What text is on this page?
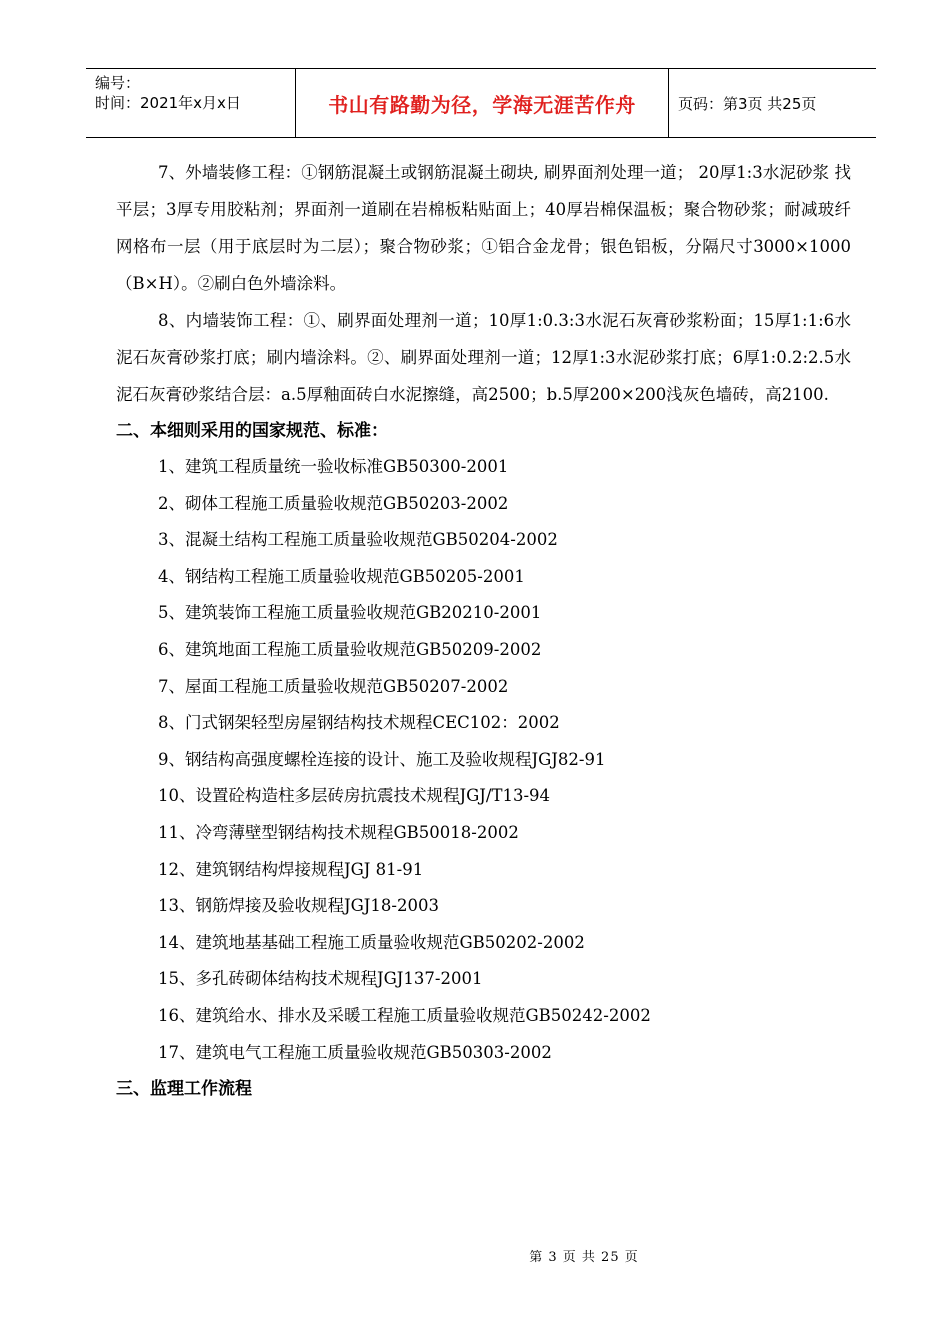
编号：
时间：2021年x月x日	书山有路勤为径，学海无涯苦作舟	页码：第3页 共25页

7、外墙装修工程：①钢筋混凝土或钢筋混凝土砌块, 刷界面剂处理一道； 20厚1:3水泥砂浆 找平层；3厚专用胶粘剂；界面剂一道刷在岩棉板粘贴面上；40厚岩棉保温板；聚合物砂浆；耐减玻纤网格布一层（用于底层时为二层）；聚合物砂浆；①铝合金龙骨；银色铝板，分隔尺寸3000×1000（B×H）。②刷白色外墙涂料。

8、内墙装饰工程：①、刷界面处理剂一道；10厚1:0.3:3水泥石灰膏砂浆粉面；15厚1:1:6水泥石灰膏砂浆打底；刷内墙涂料。②、刷界面处理剂一道；12厚1:3水泥砂浆打底；6厚1:0.2:2.5水泥石灰膏砂浆结合层：a.5厚釉面砖白水泥擦缝，高2500；b.5厚200×200浅灰色墙砖，高2100.

二、本细则采用的国家规范、标准：

1、建筑工程质量统一验收标准GB50300-2001

2、砌体工程施工质量验收规范GB50203-2002

3、混凝土结构工程施工质量验收规范GB50204-2002

4、钢结构工程施工质量验收规范GB50205-2001

5、建筑装饰工程施工质量验收规范GB20210-2001

6、建筑地面工程施工质量验收规范GB50209-2002

7、屋面工程施工质量验收规范GB50207-2002

8、门式钢架轻型房屋钢结构技术规程CEC102：2002

9、钢结构高强度螺栓连接的设计、施工及验收规程JGJ82-91

10、设置砼构造柱多层砖房抗震技术规程JGJ/T13-94

11、冷弯薄壁型钢结构技术规程GB50018-2002

12、建筑钢结构焊接规程JGJ 81-91

13、钢筋焊接及验收规程JGJ18-2003

14、建筑地基基础工程施工质量验收规范GB50202-2002

15、多孔砖砌体结构技术规程JGJ137-2001

16、建筑给水、排水及采暖工程施工质量验收规范GB50242-2002

17、建筑电气工程施工质量验收规范GB50303-2002

三、监理工作流程

第 3 页 共 25 页
